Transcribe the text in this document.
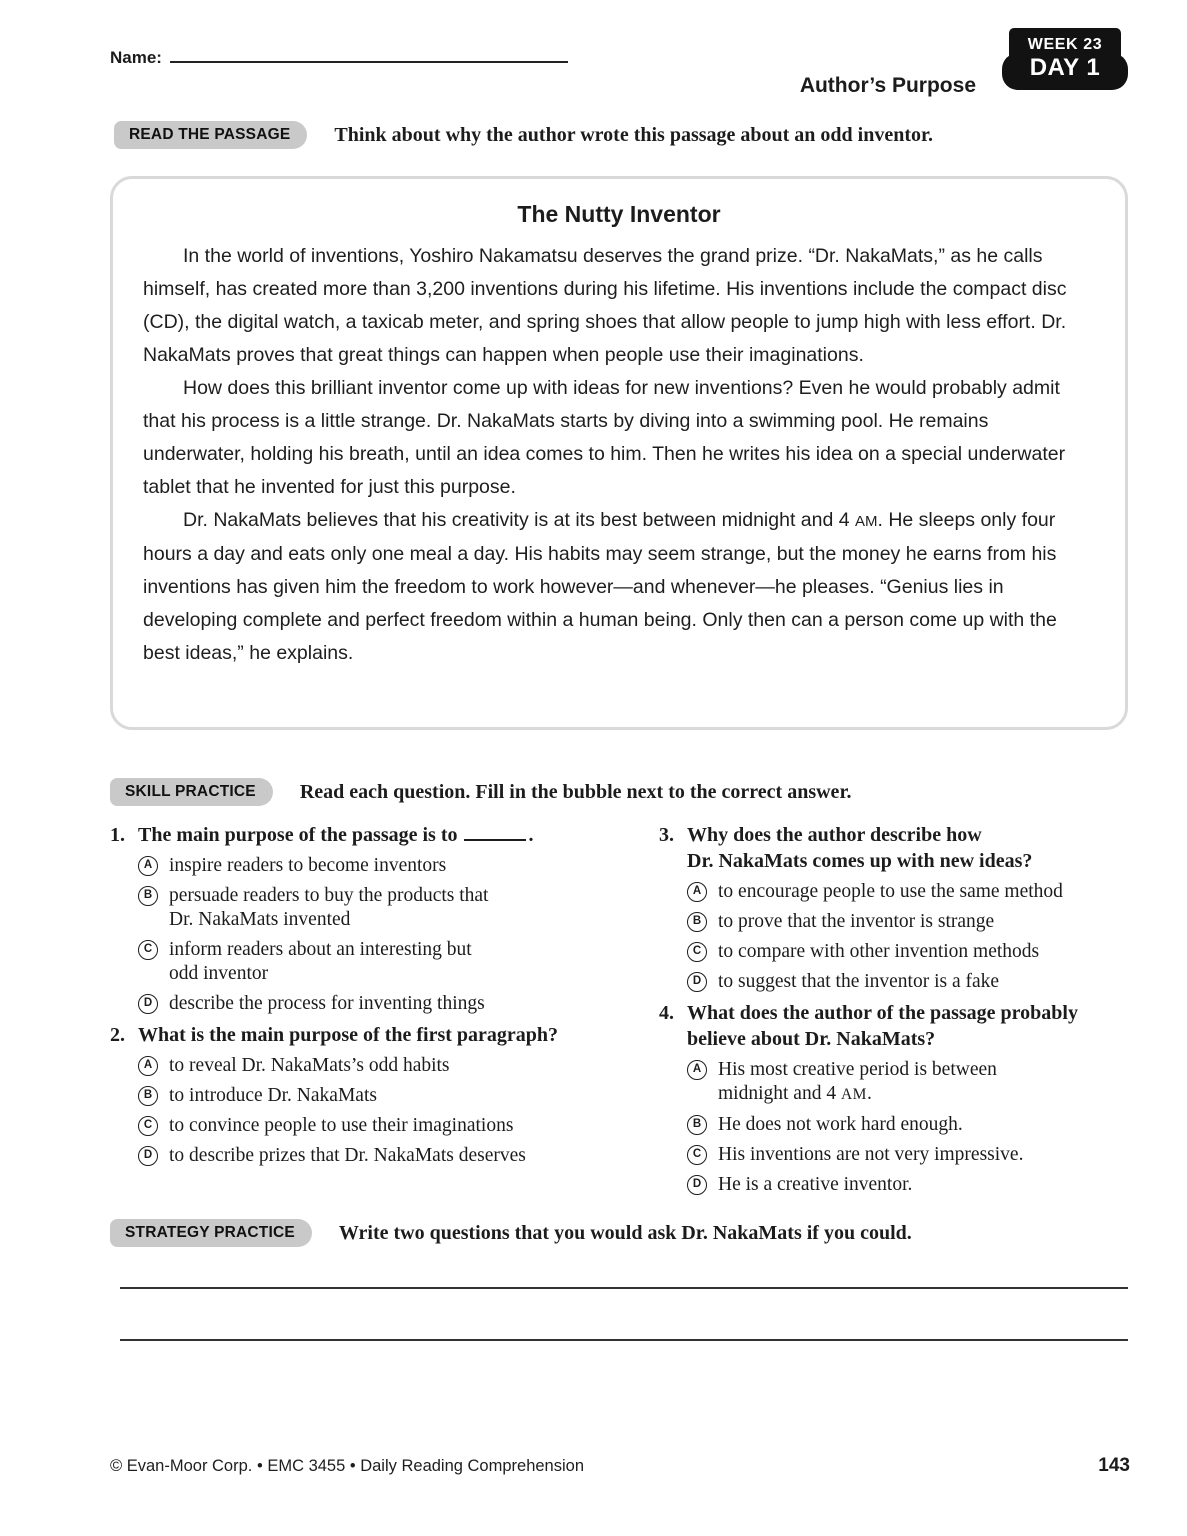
Name:
Author’s Purpose
WEEK 23
DAY 1
READ THE PASSAGE	Think about why the author wrote this passage about an odd inventor.
The Nutty Inventor

In the world of inventions, Yoshiro Nakamatsu deserves the grand prize. “Dr. NakaMats,” as he calls himself, has created more than 3,200 inventions during his lifetime. His inventions include the compact disc (CD), the digital watch, a taxicab meter, and spring shoes that allow people to jump high with less effort. Dr. NakaMats proves that great things can happen when people use their imaginations.

How does this brilliant inventor come up with ideas for new inventions? Even he would probably admit that his process is a little strange. Dr. NakaMats starts by diving into a swimming pool. He remains underwater, holding his breath, until an idea comes to him. Then he writes his idea on a special underwater tablet that he invented for just this purpose.

Dr. NakaMats believes that his creativity is at its best between midnight and 4 AM. He sleeps only four hours a day and eats only one meal a day. His habits may seem strange, but the money he earns from his inventions has given him the freedom to work however—and whenever—he pleases. “Genius lies in developing complete and perfect freedom within a human being. Only then can a person come up with the best ideas,” he explains.

SKILL PRACTICE	Read each question. Fill in the bubble next to the correct answer.
1. The main purpose of the passage is to	.
A inspire readers to become inventors
B persuade readers to buy the products that
Dr. NakaMats invented
C inform readers about an interesting but
odd inventor
D describe the process for inventing things
2. What is the main purpose of the first paragraph?
A to reveal Dr. NakaMats’s odd habits
B to introduce Dr. NakaMats
C to convince people to use their imaginations
D to describe prizes that Dr. NakaMats deserves
3. Why does the author describe how
Dr. NakaMats comes up with new ideas?
A to encourage people to use the same method
B to prove that the inventor is strange
C to compare with other invention methods
D to suggest that the inventor is a fake
4. What does the author of the passage probably
believe about Dr. NakaMats?
A His most creative period is between
midnight and 4 AM.
B He does not work hard enough.
C His inventions are not very impressive.
D He is a creative inventor.
STRATEGY PRACTICE	Write two questions that you would ask Dr. NakaMats if you could.
© Evan-Moor Corp. • EMC 3455 • Daily Reading Comprehension	143
